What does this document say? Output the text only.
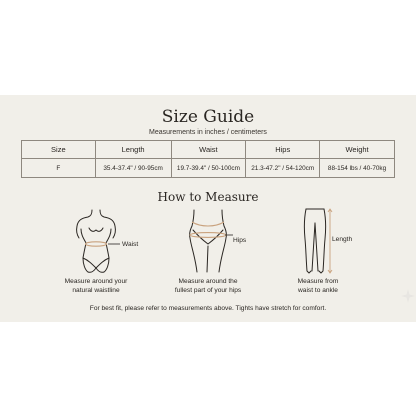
Size Guide
Measurements in inches / centimeters
Size	Length	Waist	Hips	Weight
F	35.4-37.4" / 90-95cm	19.7-39.4" / 50-100cm	21.3-47.2" / 54-120cm	88-154 lbs / 40-70kg
How to Measure
Waist
Measure around your
natural waistline
Hips
Measure around the
fullest part of your hips
Length
Measure from
waist to ankle
For best fit, please refer to measurements above. Tights have stretch for comfort.
